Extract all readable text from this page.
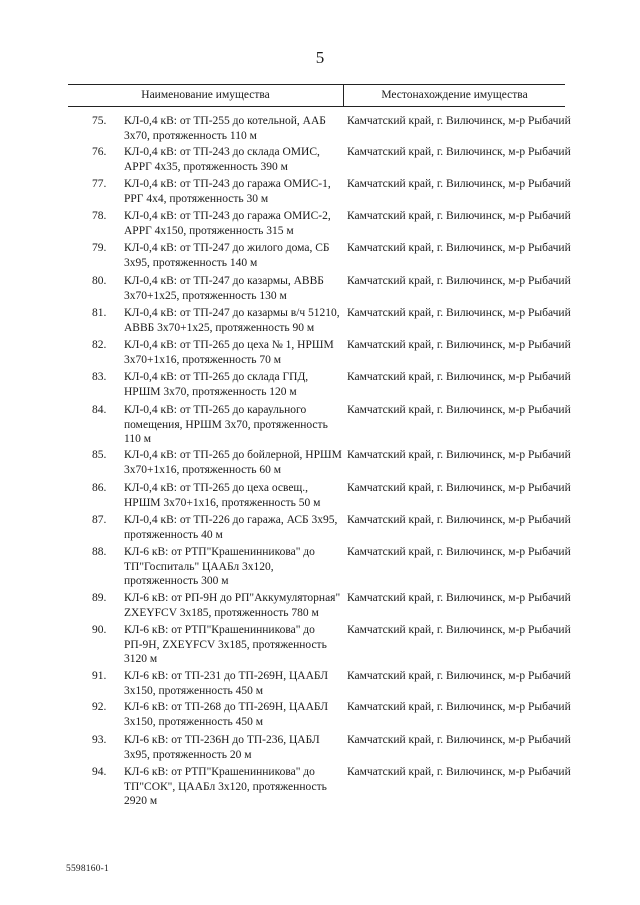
5
Наименование имущества	Местонахождение имущества
75. КЛ-0,4 кВ: от ТП-255 до котельной, ААБ 3х70, протяженность 110 м
Камчатский край, г. Вилючинск, м-р Рыбачий
76. КЛ-0,4 кВ: от ТП-243 до склада ОМИС, АРРГ 4х35, протяженность 390 м
Камчатский край, г. Вилючинск, м-р Рыбачий
77. КЛ-0,4 кВ: от ТП-243 до гаража ОМИС-1, РРГ 4х4, протяженность 30 м
Камчатский край, г. Вилючинск, м-р Рыбачий
78. КЛ-0,4 кВ: от ТП-243 до гаража ОМИС-2, АРРГ 4х150, протяженность 315 м
Камчатский край, г. Вилючинск, м-р Рыбачий
79. КЛ-0,4 кВ: от ТП-247 до жилого дома, СБ 3х95, протяженность 140 м
Камчатский край, г. Вилючинск, м-р Рыбачий
80. КЛ-0,4 кВ: от ТП-247 до казармы, АВВБ 3х70+1х25, протяженность 130 м
Камчатский край, г. Вилючинск, м-р Рыбачий
81. КЛ-0,4 кВ: от ТП-247 до казармы в/ч 51210, АВВБ 3х70+1х25, протяженность 90 м
Камчатский край, г. Вилючинск, м-р Рыбачий
82. КЛ-0,4 кВ: от ТП-265 до цеха № 1, НРШМ 3х70+1х16, протяженность 70 м
Камчатский край, г. Вилючинск, м-р Рыбачий
83. КЛ-0,4 кВ: от ТП-265 до склада ГПД, НРШМ 3х70, протяженность 120 м
Камчатский край, г. Вилючинск, м-р Рыбачий
84. КЛ-0,4 кВ: от ТП-265 до караульного помещения, НРШМ 3х70, протяженность 110 м
Камчатский край, г. Вилючинск, м-р Рыбачий
85. КЛ-0,4 кВ: от ТП-265 до бойлерной, НРШМ 3х70+1х16, протяженность 60 м
Камчатский край, г. Вилючинск, м-р Рыбачий
86. КЛ-0,4 кВ: от ТП-265 до цеха освещ., НРШМ 3х70+1х16, протяженность 50 м
Камчатский край, г. Вилючинск, м-р Рыбачий
87. КЛ-0,4 кВ: от ТП-226 до гаража, АСБ 3х95, протяженность 40 м
Камчатский край, г. Вилючинск, м-р Рыбачий
88. КЛ-6 кВ: от РТП"Крашенинникова" до ТП"Госпиталь" ЦААБл 3х120, протяженность 300 м
Камчатский край, г. Вилючинск, м-р Рыбачий
89. КЛ-6 кВ: от РП-9Н до РП"Аккумуляторная" ZXEYFCV 3х185, протяженность 780 м
Камчатский край, г. Вилючинск, м-р Рыбачий
90. КЛ-6 кВ: от РТП"Крашенинникова" до РП-9Н, ZXEYFCV 3х185, протяженность 3120 м
Камчатский край, г. Вилючинск, м-р Рыбачий
91. КЛ-6 кВ: от ТП-231 до ТП-269Н, ЦААБЛ 3х150, протяженность 450 м
Камчатский край, г. Вилючинск, м-р Рыбачий
92. КЛ-6 кВ: от ТП-268 до ТП-269Н, ЦААБЛ 3х150, протяженность 450 м
Камчатский край, г. Вилючинск, м-р Рыбачий
93. КЛ-6 кВ: от ТП-236Н до ТП-236, ЦАБЛ 3х95, протяженность 20 м
Камчатский край, г. Вилючинск, м-р Рыбачий
94. КЛ-6 кВ: от РТП"Крашенинникова" до ТП"СОК", ЦААБл 3х120, протяженность 2920 м
Камчатский край, г. Вилючинск, м-р Рыбачий
5598160-1
